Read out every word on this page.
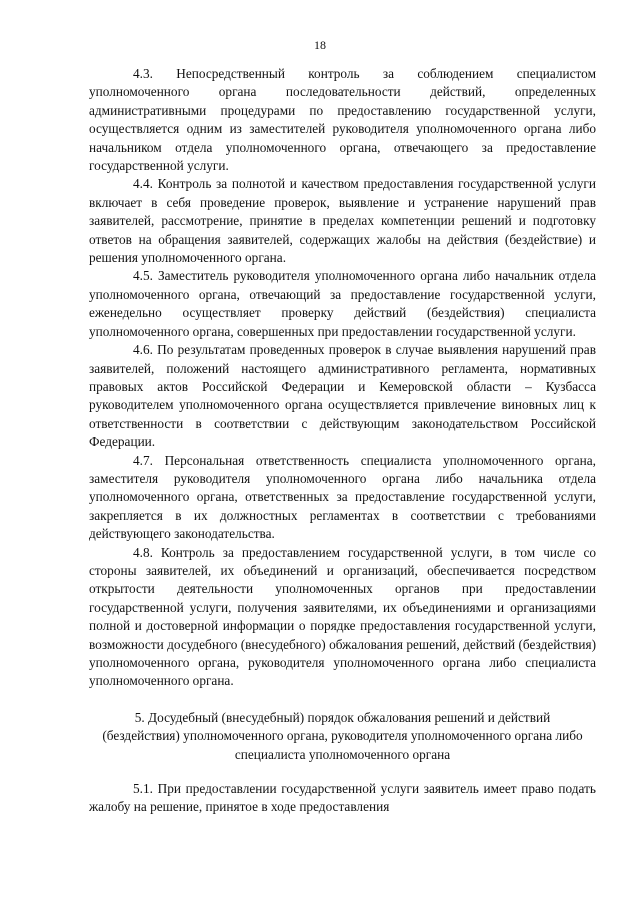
18

4.3. Непосредственный контроль за соблюдением специалистом уполномоченного органа последовательности действий, определенных административными процедурами по предоставлению государственной услуги, осуществляется одним из заместителей руководителя уполномоченного органа либо начальником отдела уполномоченного органа, отвечающего за предоставление государственной услуги.

4.4. Контроль за полнотой и качеством предоставления государственной услуги включает в себя проведение проверок, выявление и устранение нарушений прав заявителей, рассмотрение, принятие в пределах компетенции решений и подготовку ответов на обращения заявителей, содержащих жалобы на действия (бездействие) и решения уполномоченного органа.

4.5. Заместитель руководителя уполномоченного органа либо начальник отдела уполномоченного органа, отвечающий за предоставление государственной услуги, еженедельно осуществляет проверку действий (бездействия) специалиста уполномоченного органа, совершенных при предоставлении государственной услуги.

4.6. По результатам проведенных проверок в случае выявления нарушений прав заявителей, положений настоящего административного регламента, нормативных правовых актов Российской Федерации и Кемеровской области – Кузбасса руководителем уполномоченного органа осуществляется привлечение виновных лиц к ответственности в соответствии с действующим законодательством Российской Федерации.

4.7. Персональная ответственность специалиста уполномоченного органа, заместителя руководителя уполномоченного органа либо начальника отдела уполномоченного органа, ответственных за предоставление государственной услуги, закрепляется в их должностных регламентах в соответствии с требованиями действующего законодательства.

4.8. Контроль за предоставлением государственной услуги, в том числе со стороны заявителей, их объединений и организаций, обеспечивается посредством открытости деятельности уполномоченных органов при предоставлении государственной услуги, получения заявителями, их объединениями и организациями полной и достоверной информации о порядке предоставления государственной услуги, возможности досудебного (внесудебного) обжалования решений, действий (бездействия) уполномоченного органа, руководителя уполномоченного органа либо специалиста уполномоченного органа.

5. Досудебный (внесудебный) порядок обжалования решений и действий (бездействия) уполномоченного органа, руководителя уполномоченного органа либо специалиста уполномоченного органа

5.1. При предоставлении государственной услуги заявитель имеет право подать жалобу на решение, принятое в ходе предоставления
